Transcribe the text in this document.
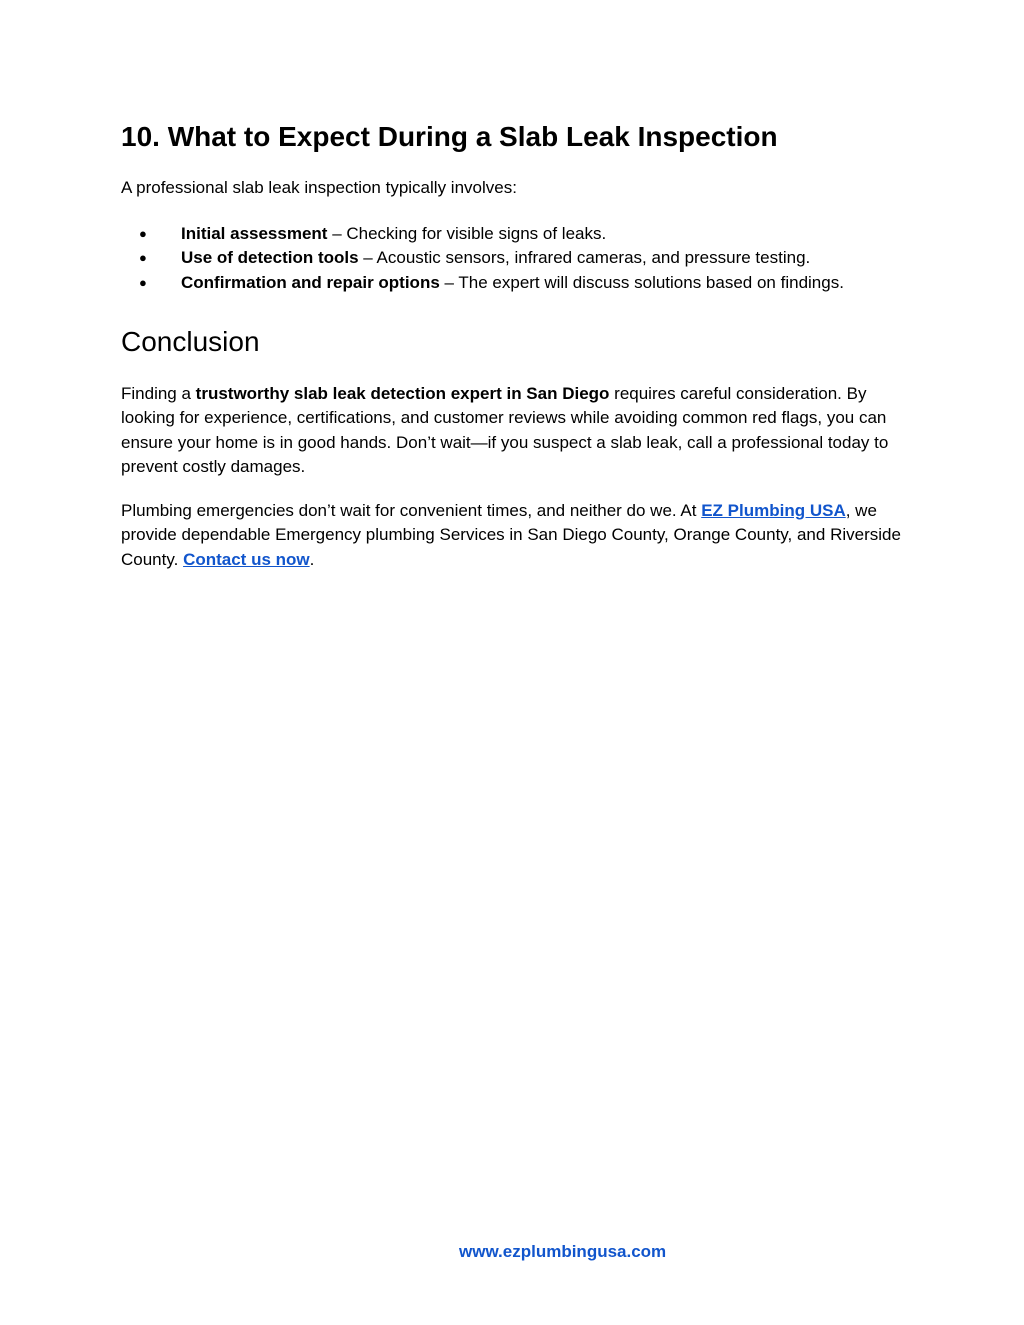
10. What to Expect During a Slab Leak Inspection

A professional slab leak inspection typically involves:

● Initial assessment – Checking for visible signs of leaks.
● Use of detection tools – Acoustic sensors, infrared cameras, and pressure testing.
● Confirmation and repair options – The expert will discuss solutions based on findings.
Conclusion

Finding a trustworthy slab leak detection expert in San Diego requires careful consideration. By looking for experience, certifications, and customer reviews while avoiding common red flags, you can ensure your home is in good hands. Don’t wait—if you suspect a slab leak, call a professional today to prevent costly damages.

Plumbing emergencies don’t wait for convenient times, and neither do we. At EZ Plumbing USA, we provide dependable Emergency plumbing Services in San Diego County, Orange County, and Riverside County. Contact us now.

www.ezplumbingusa.com
